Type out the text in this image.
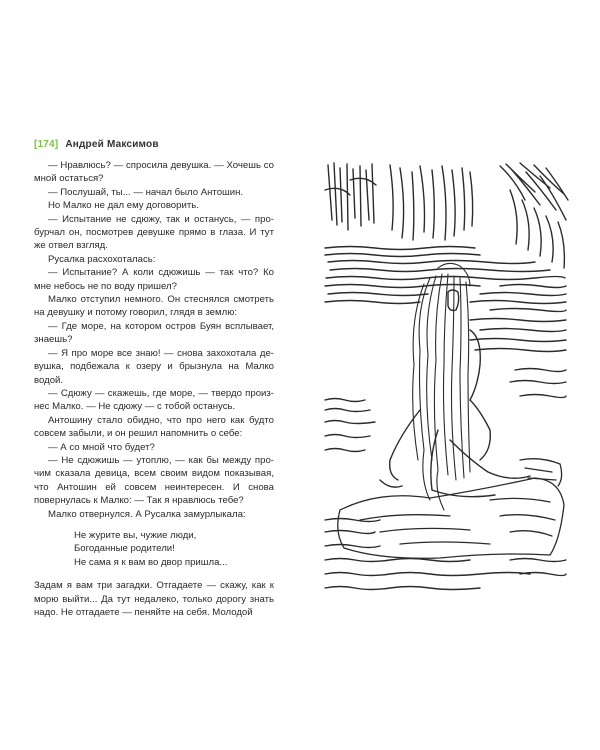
[174] Андрей Максимов
— Нравлюсь? — спросила девушка. — Хочешь со мной остаться?
— Послушай, ты... — начал было Антошин.
Но Малко не дал ему договорить.
— Испытание не сдюжу, так и останусь, — про- бурчал он, посмотрев девушке прямо в глаза. И тут же отвел взгляд.
Русалка расхохоталась:
— Испытание? А коли сдюжишь — так что? Ко мне небось не по воду пришел?
Малко отступил немного. Он стеснялся смотреть на девушку и потому говорил, глядя в землю:
— Где море, на котором остров Буян всплывает, знаешь?
— Я про море все знаю! — снова захохотала де- вушка, подбежала к озеру и брызнула на Малко водой.
— Сдюжу — скажешь, где море, — твердо произ- нес Малко. — Не сдюжу — с тобой останусь.
Антошину стало обидно, что про него как будто совсем забыли, и он решил напомнить о себе:
— А со мной что будет?
— Не сдюжишь — утоплю, — как бы между про- чим сказала девица, всем своим видом показывая, что Антошин ей совсем неинтересен. И снова повернулась к Малко: — Так я нравлюсь тебе?
Малко отвернулся. А Русалка замурлыкала:
Не журите вы, чужие люди,
Богоданные родители!
Не сама я к вам во двор пришла...
Задам я вам три загадки. Отгадаете — скажу, как к морю выйти... Да тут недалеко, только дорогу знать надо. Не отгадаете — пеняйте на себя. Молодой
